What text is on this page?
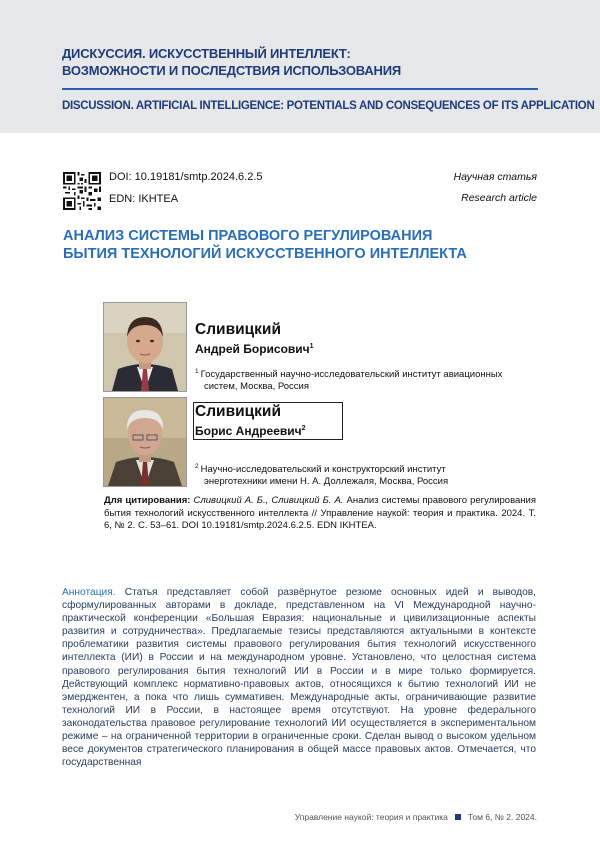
ДИСКУССИЯ. ИСКУССТВЕННЫЙ ИНТЕЛЛЕКТ:
ВОЗМОЖНОСТИ И ПОСЛЕДСТВИЯ ИСПОЛЬЗОВАНИЯ
DISCUSSION. ARTIFICIAL INTELLIGENCE: POTENTIALS AND CONSEQUENCES OF ITS APPLICATION
DOI: 10.19181/smtp.2024.6.2.5
EDN: IKHTEA
Научная статья
Research article
АНАЛИЗ СИСТЕМЫ ПРАВОВОГО РЕГУЛИРОВАНИЯ
БЫТИЯ ТЕХНОЛОГИЙ ИСКУССТВЕННОГО ИНТЕЛЛЕКТА
Сливицкий
Андрей Борисович$^1$
$^1$ Государственный научно-исследовательский институт авиационных
систем, Москва, Россия
Сливицкий
Борис Андреевич$^2$
$^2$ Научно-исследовательский и конструкторский институт
энерготехники имени Н. А. Доллежаля, Москва, Россия
Для цитирования: Сливицкий А. Б., Сливицкий Б. А. Анализ системы правового регулирования бытия технологий искусственного интеллекта // Управление наукой: теория и практика. 2024. Т. 6, № 2. С. 53–61. DOI 10.19181/smtp.2024.6.2.5. EDN IKHTEA.
Аннотация. Статья представляет собой развёрнутое резюме основных идей и выводов, сформулированных авторами в докладе, представленном на VI Международной научно-практической конференции «Большая Евразия: национальные и цивилизационные аспекты развития и сотрудничества». Предлагаемые тезисы представляются актуальными в контексте проблематики развития системы правового регулирования бытия технологий искусственного интеллекта (ИИ) в России и на международном уровне. Установлено, что целостная система правового регулирования бытия технологий ИИ в России и в мире только формируется. Действующий комплекс нормативно-правовых актов, относящихся к бытию технологий ИИ не эмерджентен, а пока что лишь суммативен. Международные акты, ограничивающие развитие технологий ИИ в России, в настоящее время отсутствуют. На уровне федерального законодательства правовое регулирование технологий ИИ осуществляется в экспериментальном режиме – на ограниченной территории в ограниченные сроки. Сделан вывод о высоком удельном весе документов стратегического планирования в общей массе правовых актов. Отмечается, что государственная
Управление наукой: теория и практика Том 6, № 2. 2024.
